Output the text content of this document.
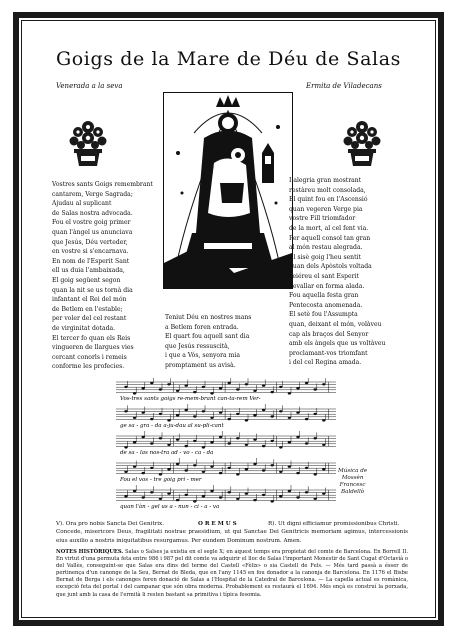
Goigs de la Mare de Déu de Salas
Venerada a la seva	Ermita de Viladecans
Vostres sants Goigs remembrant
cantarem, Verge Sagrada;
Ajudau al suplicant
de Salas nostra advocada.
Fou el vostre goig primer
quan l'àngel us anunciava
que Jesús, Déu verteder,
en vostre si s'encarnava.
En nom de l'Esperit Sant
ell us duia l'ambaixada,
El goig següent segon
quan la nit se us tornà dia
infantant el Rei del món
de Betlem en l'estable;
per voler del cel restant
de virginitat dotada.
El tercer fo quan els Reis
vingueren de llargues vies
cercant conorls i remeis
conforme les profecies.
Teniut Déu en nostres mans
a Betlem foren entrada.
El quart fou aquell sant dia
que Jesús ressuscità,
i que a Vós, senyora mia
promptament us avisà.
I alegria gran mostrant
restàreu molt consolada,
El quint fou en l'Ascensió
quan vegeren Verge pia
vostre Fill triomfador
de la mort, al cel fent via.
Per aquell consol tan gran
al món restau alegrada.
El sisè goig l'heu sentit
quan dels Apòstols voltada
veiéreu el sant Esperit
devallar en forma alada.
Fou aquella festa gran
Pentecosta anomenada.
El setè fou l'Assumpta
quan, deixant el món, volàveu
cap als braços del Senyor
amb els àngels que us voltàveu
proclamant-vos triomfant
i del cel Regina amada.
Vos-tres sants goigs re-mem-brant can-ta-rem Ver-
ge sa - gra - da a-ju-dau al su-pli-cant
de sa - las nos-tra ad - vo - ca - da
Fou el vos - tre goig pri - mer
quan l'àn - gel us a - nun - ci - a - va
Música de
Mossèn
Francesc
Baldellò
V). Ora pro nobis Sancta Dei Genitrix.	O R E M U S	R). Ut digni efficiamur promissionibus Christi.
Concede, misericors Deus, fragilitati nostrae praesidium, ut qui Sanctae Dei Genitricis memoriam agimus, intercessionis eius auxilio a nostris iniquitatibus resurgamus. Per eundem Dominum nostrum. Amen.
NOTES HISTÒRIQUES. Salas o Salses ja existia en el segle X; en aquest temps era propietat del comte de Barcelona. En Borrell II. En virtut d'una permuta feta entre 986 i 987 pel dit comte va adquirir el lloc de Salas l'important Monestir de Sant Cugat d'Octavià o del Vallès, conseguint-se que Salas era dins del terme del Castell «Fèlix» o sia Castell de Fels. — Més tard passà a ésser de pertinença d'un canonge de la Seu, Bernat de Bleda, que en l'any 1145 en fou donador a la canonja de Barcelona. En 1176 el Bisbe Bernat de Berga i els canonges feren donació de Salas a l'Hospital de la Catedral de Barcelona. — La capella actual es romànica, excepció feta del portal i del campanar que són obra moderna. Probablement es restaurà el 1694. Més ençà es construí la porxada, que junt amb la casa de l'ermità li resten bastant sa primitiva i típica fesomia.
